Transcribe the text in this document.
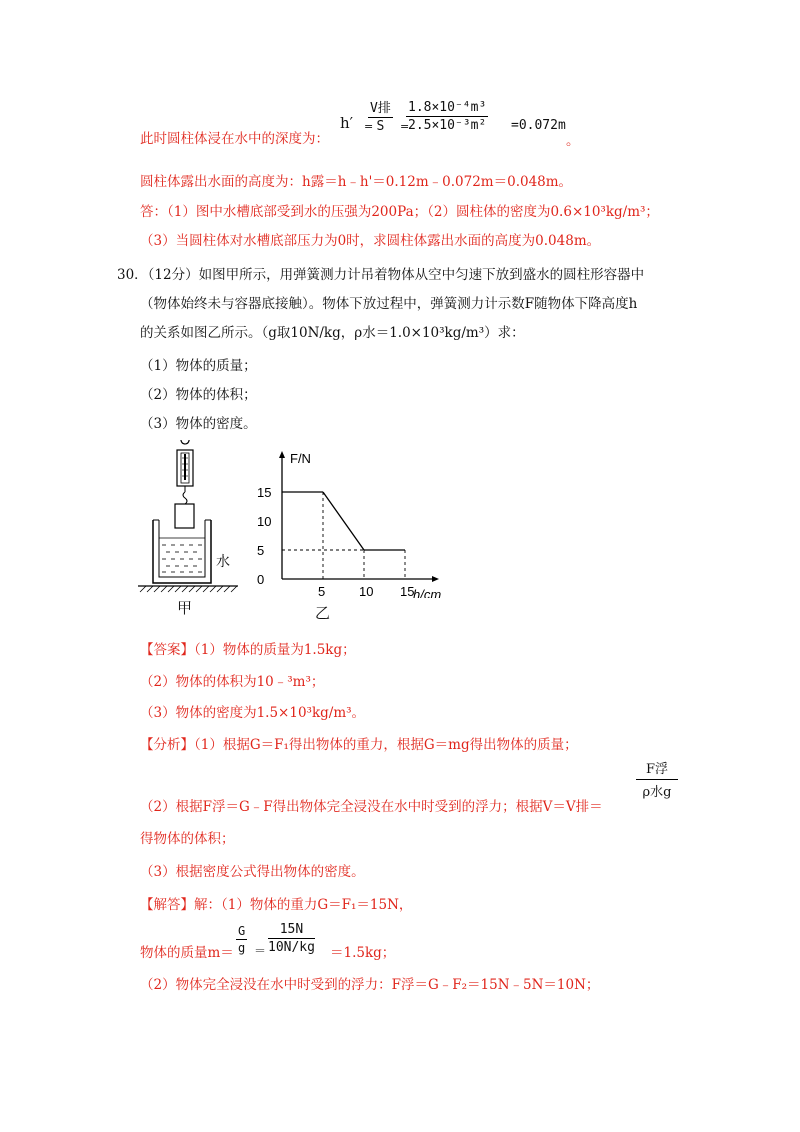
此时圆柱体浸在水中的深度为：
h′ =
V排
S	=
$\frac{\text{1.8×10⁻⁴m³}}{\text{2.5×10⁻³m²}} =0.072m$
。
圆柱体露出水面的高度为：h露＝h﹣h'＝0.12m﹣0.072m＝0.048m。
答：（1）图中水槽底部受到水的压强为200Pa；（2）圆柱体的密度为0.6×10³kg/m³；
（3）当圆柱体对水槽底部压力为0时，求圆柱体露出水面的高度为0.048m。
30．（12分）如图甲所示，用弹簧测力计吊着物体从空中匀速下放到盛水的圆柱形容器中
（物体始终未与容器底接触）。物体下放过程中，弹簧测力计示数F随物体下降高度h
的关系如图乙所示。（g取10N/kg，ρ水＝1.0×10³kg/m³）求：
（1）物体的质量；
（2）物体的体积；
（3）物体的密度。
水
甲
15
10
5
0
5	10 15
F/N
h/cm
乙
【答案】（1）物体的质量为1.5kg；
（2）物体的体积为10﹣³m³；
（3）物体的密度为1.5×10³kg/m³。
【分析】（1）根据G＝F₁得出物体的重力，根据G＝mg得出物体的质量；
（2）根据F浮＝G﹣F得出物体完全浸没在水中时受到的浮力；根据V＝V排＝
F浮
ρ水g
得物体的体积；
（3）根据密度公式得出物体的密度。
【解答】解：（1）物体的重力G＝F₁＝15N，
物体的质量$m= \frac{G}{g} = \frac{15N}{10N/kg} =1.5kg$；
（2）物体完全浸没在水中时受到的浮力：F浮＝G﹣F₂＝15N﹣5N＝10N；
